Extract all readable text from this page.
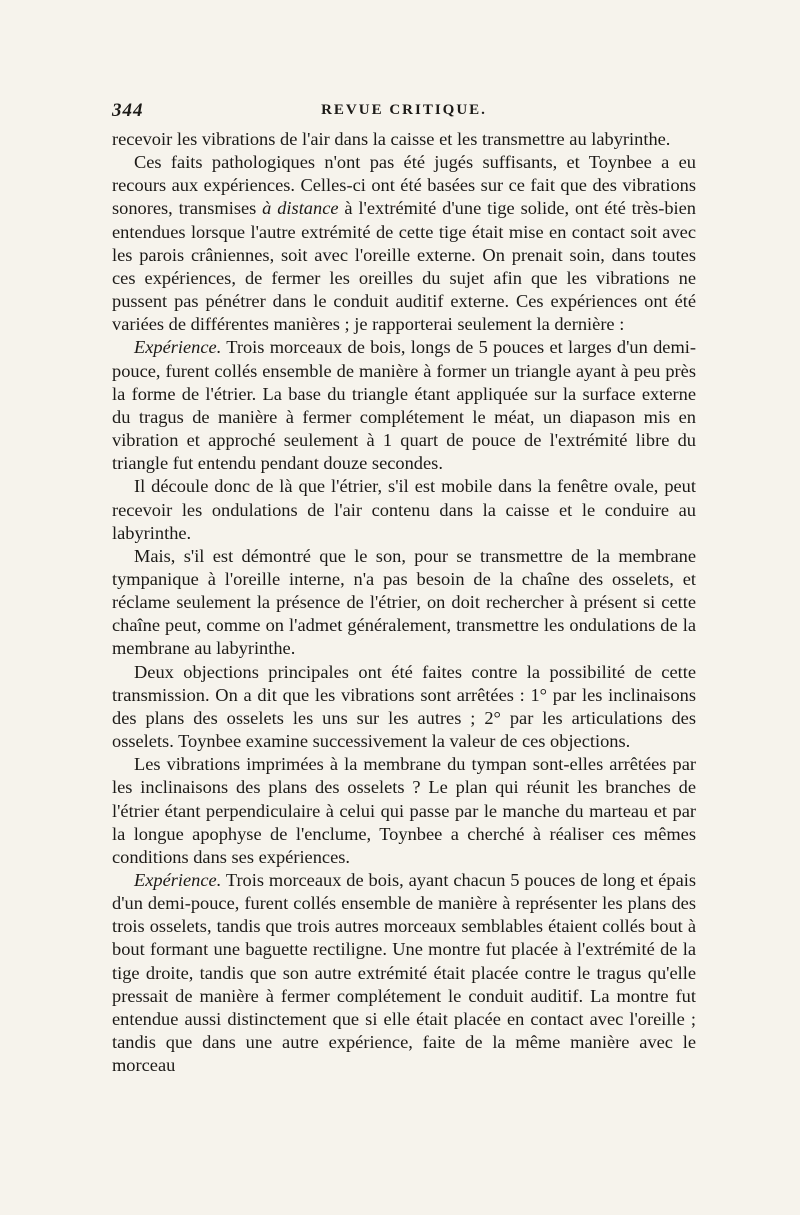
344	REVUE CRITIQUE.

recevoir les vibrations de l'air dans la caisse et les transmettre au labyrinthe.

Ces faits pathologiques n'ont pas été jugés suffisants, et Toynbee a eu recours aux expériences. Celles-ci ont été basées sur ce fait que des vibrations sonores, transmises à distance à l'extrémité d'une tige solide, ont été très-bien entendues lorsque l'autre extrémité de cette tige était mise en contact soit avec les parois crâniennes, soit avec l'oreille externe. On prenait soin, dans toutes ces expériences, de fermer les oreilles du sujet afin que les vibrations ne pussent pas pénétrer dans le conduit auditif externe. Ces expériences ont été variées de différentes manières ; je rapporterai seulement la dernière :

Expérience. Trois morceaux de bois, longs de 5 pouces et larges d'un demi-pouce, furent collés ensemble de manière à former un triangle ayant à peu près la forme de l'étrier. La base du triangle étant appliquée sur la surface externe du tragus de manière à fermer complétement le méat, un diapason mis en vibration et approché seulement à 1 quart de pouce de l'extrémité libre du triangle fut entendu pendant douze secondes.

Il découle donc de là que l'étrier, s'il est mobile dans la fenêtre ovale, peut recevoir les ondulations de l'air contenu dans la caisse et le conduire au labyrinthe.

Mais, s'il est démontré que le son, pour se transmettre de la membrane tympanique à l'oreille interne, n'a pas besoin de la chaîne des osselets, et réclame seulement la présence de l'étrier, on doit rechercher à présent si cette chaîne peut, comme on l'admet généralement, transmettre les ondulations de la membrane au labyrinthe.

Deux objections principales ont été faites contre la possibilité de cette transmission. On a dit que les vibrations sont arrêtées : 1° par les inclinaisons des plans des osselets les uns sur les autres ; 2° par les articulations des osselets. Toynbee examine successivement la valeur de ces objections.

Les vibrations imprimées à la membrane du tympan sont-elles arrêtées par les inclinaisons des plans des osselets ? Le plan qui réunit les branches de l'étrier étant perpendiculaire à celui qui passe par le manche du marteau et par la longue apophyse de l'enclume, Toynbee a cherché à réaliser ces mêmes conditions dans ses expériences.

Expérience. Trois morceaux de bois, ayant chacun 5 pouces de long et épais d'un demi-pouce, furent collés ensemble de manière à représenter les plans des trois osselets, tandis que trois autres morceaux semblables étaient collés bout à bout formant une baguette rectiligne. Une montre fut placée à l'extrémité de la tige droite, tandis que son autre extrémité était placée contre le tragus qu'elle pressait de manière à fermer complétement le conduit auditif. La montre fut entendue aussi distinctement que si elle était placée en contact avec l'oreille ; tandis que dans une autre expérience, faite de la même manière avec le morceau
